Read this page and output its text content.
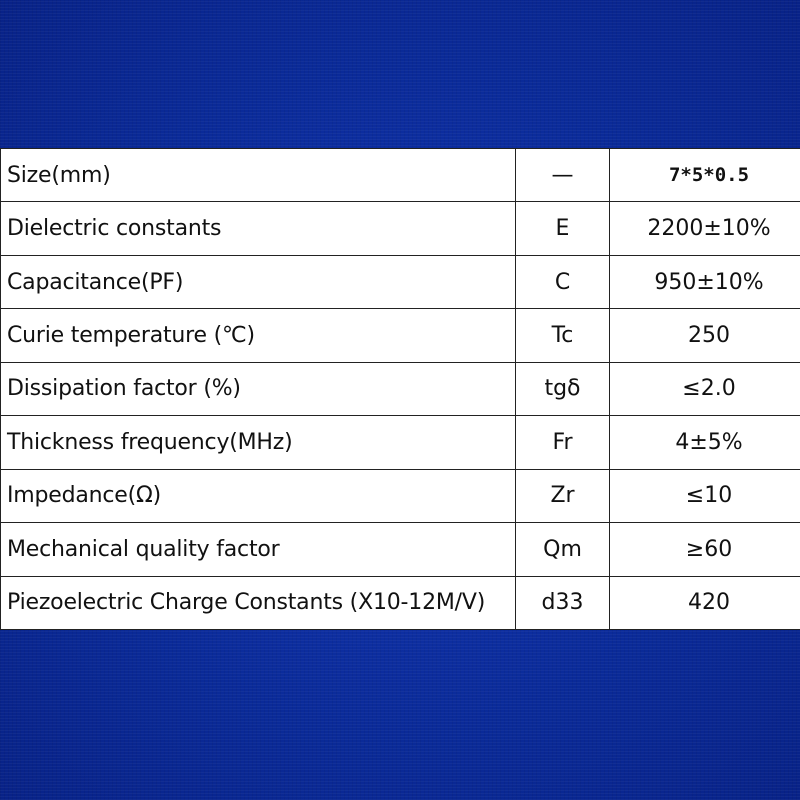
Size(mm)	—	7*5*0.5
Dielectric constants	E	2200±10%
Capacitance(PF)	C	950±10%
Curie temperature (℃)	Tc	250
Dissipation factor (%)	tgδ	≤2.0
Thickness frequency(MHz)	Fr	4±5%
Impedance(Ω)	Zr	≤10
Mechanical quality factor	Qm	≥60
Piezoelectric Charge Constants (X10-12M/V)	d33	420
